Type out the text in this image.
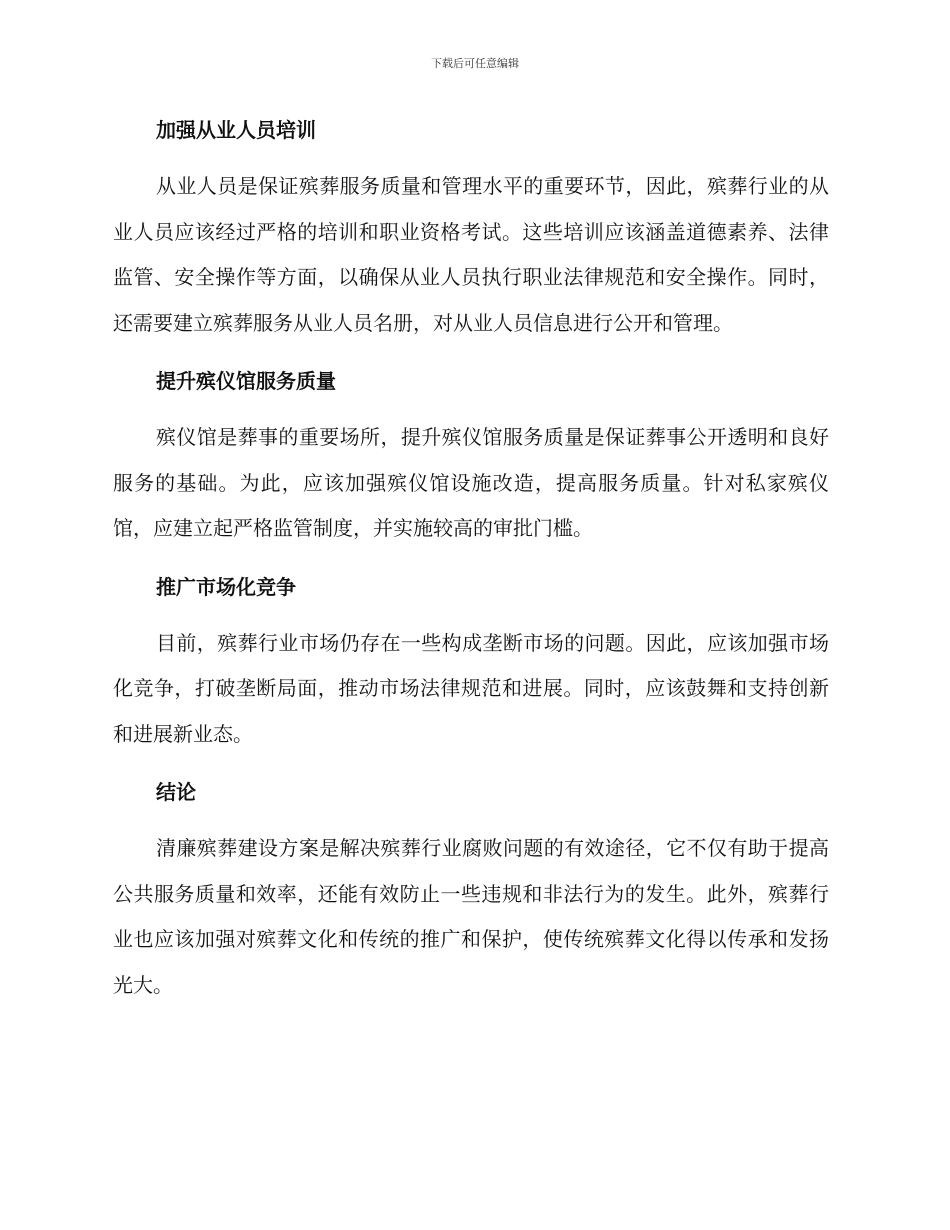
下载后可任意编辑
加强从业人员培训

从业人员是保证殡葬服务质量和管理水平的重要环节，因此，殡葬行业的从业人员应该经过严格的培训和职业资格考试。这些培训应该涵盖道德素养、法律监管、安全操作等方面，以确保从业人员执行职业法律规范和安全操作。同时，还需要建立殡葬服务从业人员名册，对从业人员信息进行公开和管理。

提升殡仪馆服务质量

殡仪馆是葬事的重要场所，提升殡仪馆服务质量是保证葬事公开透明和良好服务的基础。为此，应该加强殡仪馆设施改造，提高服务质量。针对私家殡仪馆，应建立起严格监管制度，并实施较高的审批门槛。

推广市场化竞争

目前，殡葬行业市场仍存在一些构成垄断市场的问题。因此，应该加强市场化竞争，打破垄断局面，推动市场法律规范和进展。同时，应该鼓舞和支持创新和进展新业态。

结论

清廉殡葬建设方案是解决殡葬行业腐败问题的有效途径，它不仅有助于提高公共服务质量和效率，还能有效防止一些违规和非法行为的发生。此外，殡葬行业也应该加强对殡葬文化和传统的推广和保护，使传统殡葬文化得以传承和发扬光大。
